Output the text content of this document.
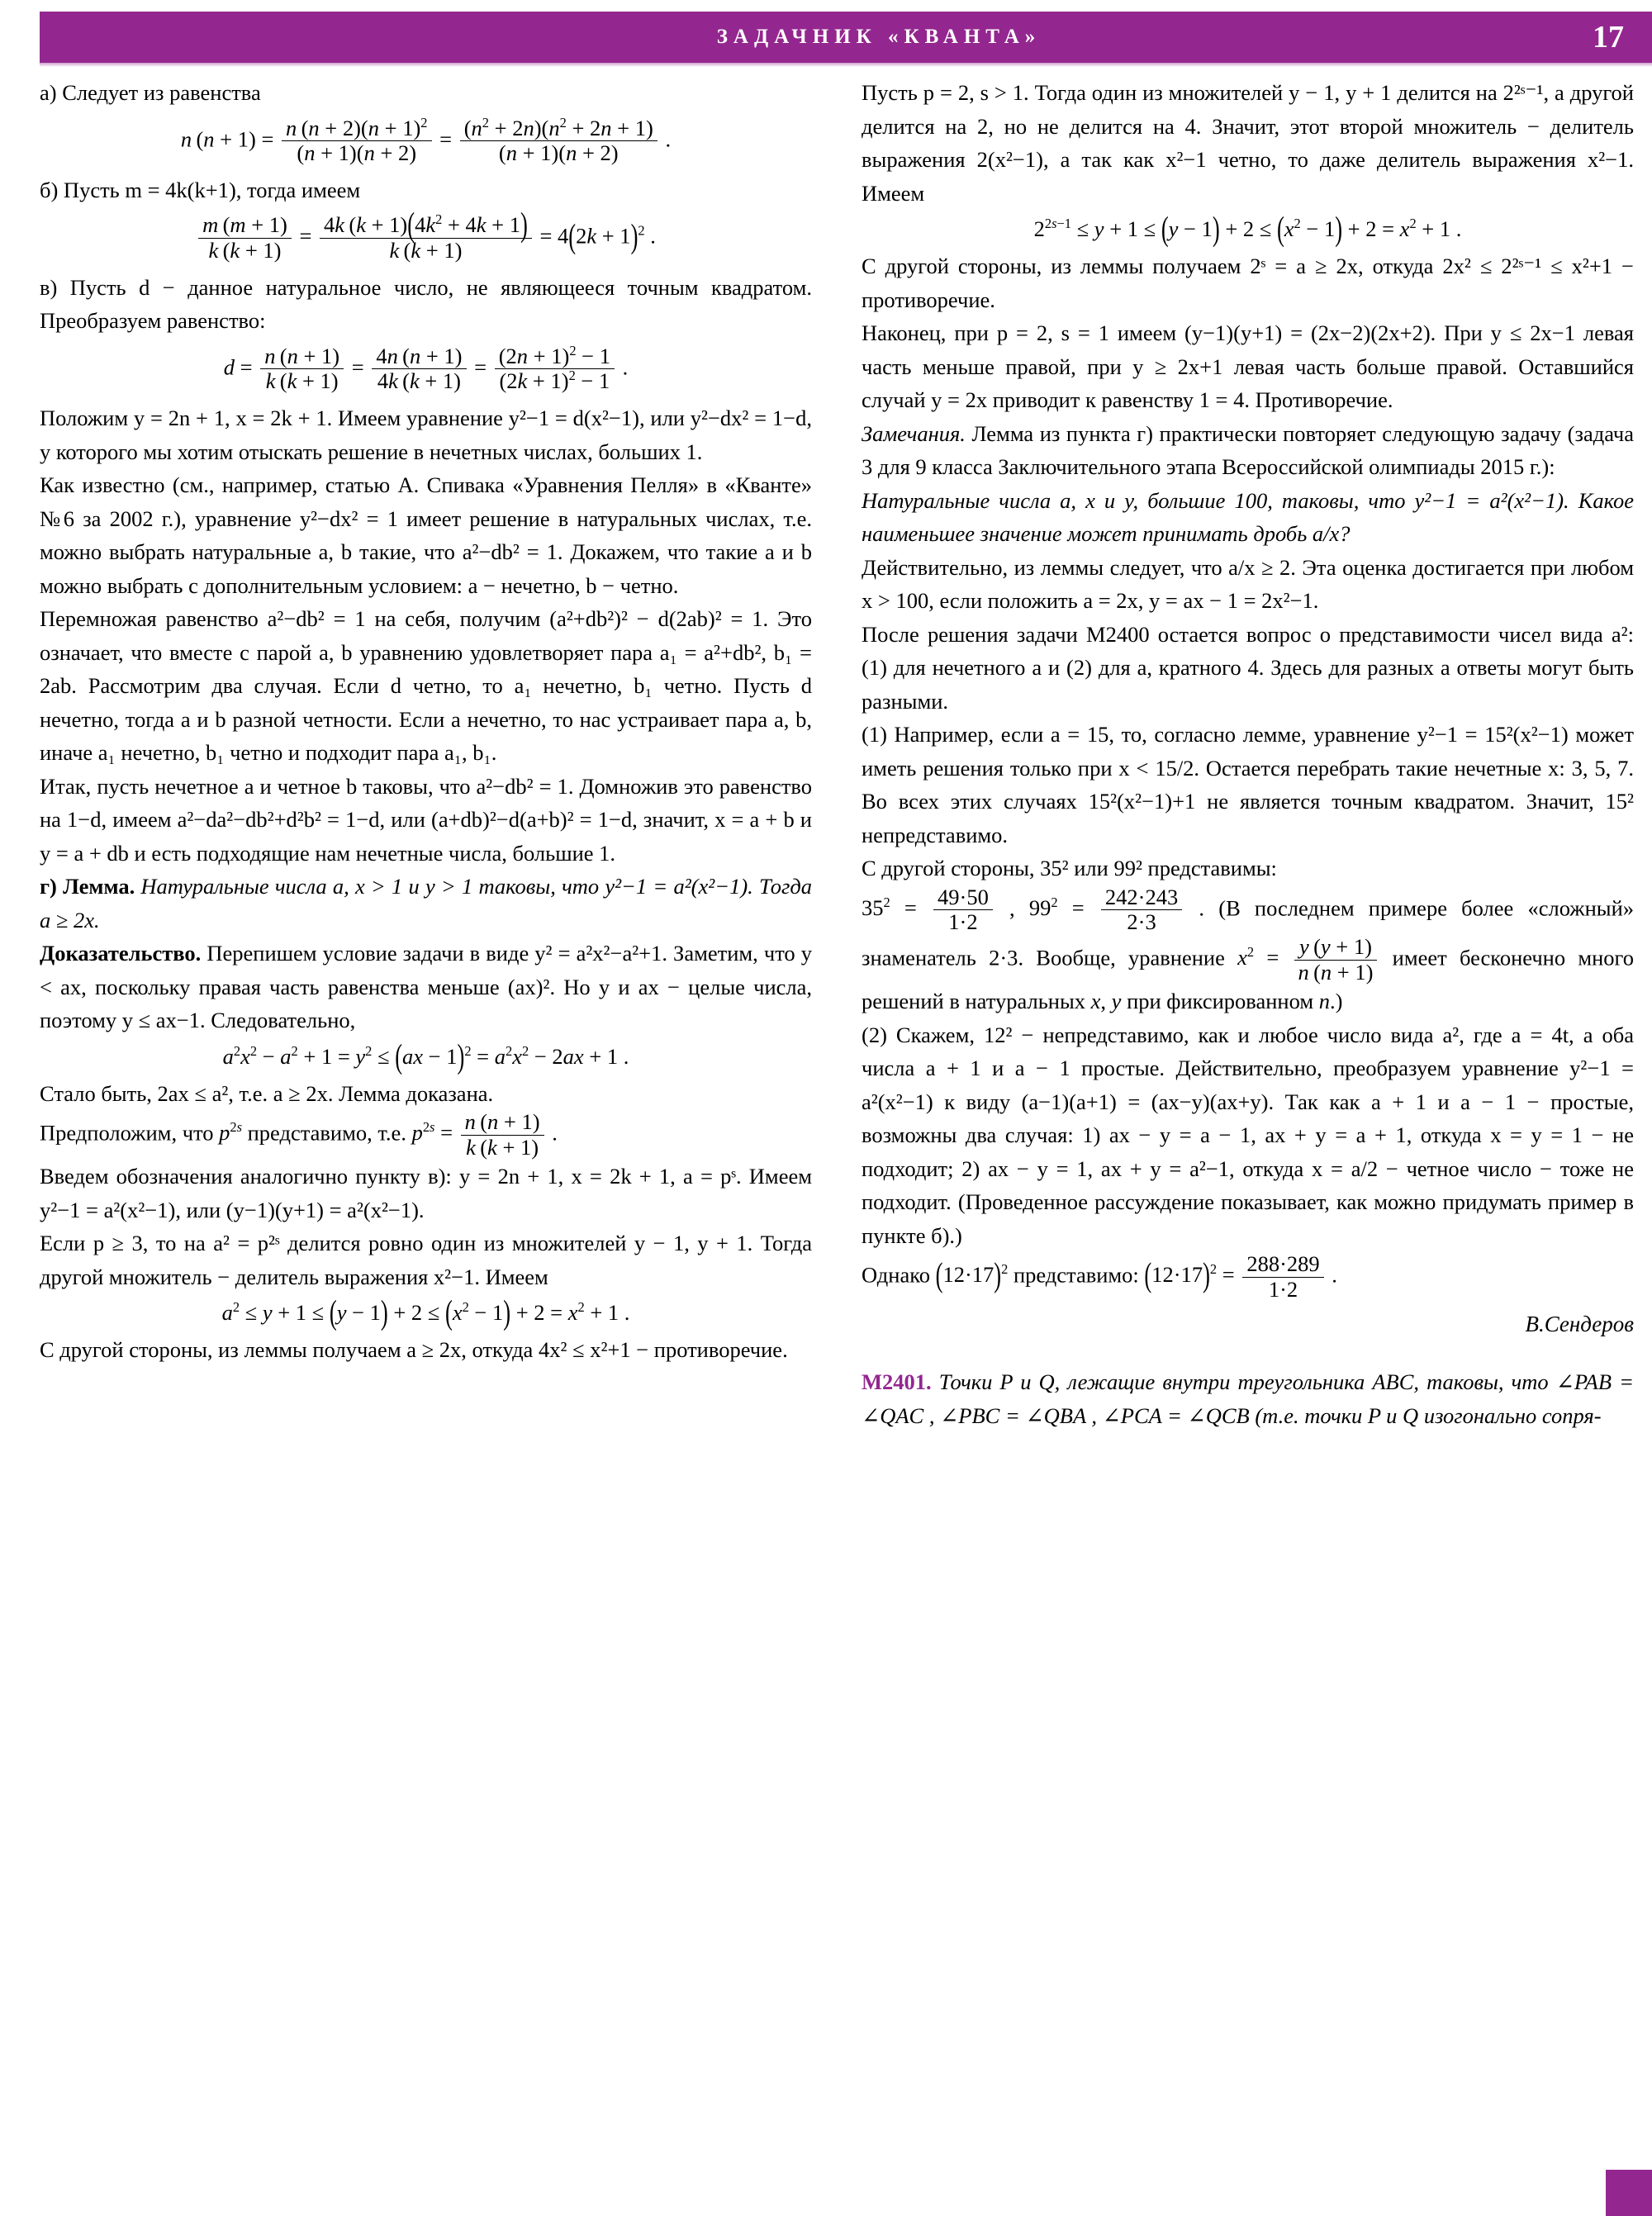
ЗАДАЧНИК «КВАНТА»	17

а) Следует из равенства

n $(n + 1) = \frac{n (n + 2)(n + 1)^2}{(n + 1)(n + 2)} = \frac{(n^2 + 2n)(n^2 + 2n + 1)}{(n + 1)(n + 2)}$ .

б) Пусть m = 4k(k+1), тогда имеем

$\frac{m (m + 1)}{k (k + 1)} = \frac{4k (k + 1)(4k^2 + 4k + 1)}{k (k + 1)} = 4(2k + 1)^2$ .

в) Пусть d − данное натуральное число, не являющееся точным квадратом. Преобразуем равенство:

$d = \frac{n (n + 1)}{k (k + 1)} = \frac{4n (n + 1)}{4k (k + 1)} = \frac{(2n + 1)^2 - 1}{(2k + 1)^2 - 1}$ .

Положим y = 2n + 1, x = 2k + 1. Имеем уравнение y²−1 = d(x²−1), или y²−dx² = 1−d, у которого мы хотим отыскать решение в нечетных числах, больших 1.

Как известно (см., например, статью А. Спивака «Уравнения Пелля» в «Кванте» №6 за 2002 г.), уравнение y²−dx² = 1 имеет решение в натуральных числах, т.е. можно выбрать натуральные a, b такие, что a²−db² = 1. Докажем, что такие a и b можно выбрать с дополнительным условием: a − нечетно, b − четно.

Перемножая равенство a²−db² = 1 на себя, получим (a²+db²)² − d(2ab)² = 1. Это означает, что вместе с парой a, b уравнению удовлетворяет пара a₁ = a²+db², b₁ = 2ab. Рассмотрим два случая. Если d четно, то a₁ нечетно, b₁ четно. Пусть d нечетно, тогда a и b разной четности. Если a нечетно, то нас устраивает пара a, b, иначе a₁ нечетно, b₁ четно и подходит пара a₁, b₁.

Итак, пусть нечетное a и четное b таковы, что a²−db² = 1. Домножив это равенство на 1−d, имеем a²−da²−db²+d²b² = 1−d, или (a+db)²−d(a+b)² = 1−d, значит, x = a + b и y = a + db и есть подходящие нам нечетные числа, большие 1.

г) Лемма. Натуральные числа a, x > 1 и y > 1 таковы, что y²−1 = a²(x²−1). Тогда a ≥ 2x.

Доказательство. Перепишем условие задачи в виде y² = a²x²−a²+1. Заметим, что y < ax, поскольку правая часть равенства меньше (ax)². Но y и ax − целые числа, поэтому y ≤ ax−1. Следовательно,

$a^2x^2 - a^2 + 1 = y^2 \le (ax - 1)^2 = a^2x^2 - 2ax + 1$ .

Стало быть, 2ax ≤ a², т.е. a ≥ 2x. Лемма доказана.

Предположим, что $p^{2s}$ представимо, т.е. $p^{2s} = \frac{n (n + 1)}{k (k + 1)}$ .

Введем обозначения аналогично пункту в): y = 2n + 1, x = 2k + 1, a = pˢ. Имеем y²−1 = a²(x²−1), или (y−1)(y+1) = a²(x²−1).

Если p ≥ 3, то на a² = p²ˢ делится ровно один из множителей y − 1, y + 1. Тогда другой множитель − делитель выражения x²−1. Имеем

$a^2 \le y + 1 \le (y - 1) + 2 \le (x^2 - 1) + 2 = x^2 + 1$ .

С другой стороны, из леммы получаем a ≥ 2x, откуда 4x² ≤ x²+1 − противоречие.

Пусть p = 2, s > 1. Тогда один из множителей y − 1, y + 1 делится на 2²ˢ⁻¹, а другой делится на 2, но не делится на 4. Значит, этот второй множитель − делитель выражения 2(x²−1), а так как x²−1 четно, то даже делитель выражения x²−1. Имеем

$2^{2s-1} \le y + 1 \le (y - 1) + 2 \le (x^2 - 1) + 2 = x^2 + 1$ .

С другой стороны, из леммы получаем 2ˢ = a ≥ 2x, откуда 2x² ≤ 2²ˢ⁻¹ ≤ x²+1 − противоречие.

Наконец, при p = 2, s = 1 имеем (y−1)(y+1) = (2x−2)(2x+2). При y ≤ 2x−1 левая часть меньше правой, при y ≥ 2x+1 левая часть больше правой. Оставшийся случай y = 2x приводит к равенству 1 = 4. Противоречие.

Замечания. Лемма из пункта г) практически повторяет следующую задачу (задача 3 для 9 класса Заключительного этапа Всероссийской олимпиады 2015 г.):

Натуральные числа a, x и y, большие 100, таковы, что y²−1 = a²(x²−1). Какое наименьшее значение может принимать дробь a/x?

Действительно, из леммы следует, что a/x ≥ 2. Эта оценка достигается при любом x > 100, если положить a = 2x, y = ax − 1 = 2x²−1.

После решения задачи М2400 остается вопрос о представимости чисел вида a²: (1) для нечетного a и (2) для a, кратного 4. Здесь для разных a ответы могут быть разными.

(1) Например, если a = 15, то, согласно лемме, уравнение y²−1 = 15²(x²−1) может иметь решения только при x < 15/2. Остается перебрать такие нечетные x: 3, 5, 7. Во всех этих случаях 15²(x²−1)+1 не является точным квадратом. Значит, 15² непредставимо.

С другой стороны, 35² или 99² представимы:

$35^2 = \frac{49\cdot 50}{1\cdot 2}$ , $99^2 = \frac{242\cdot 243}{2\cdot 3}$ . (В последнем примере более «сложный» знаменатель 2·3. Вообще, уравнение $x^2 = \frac{y (y + 1)}{n (n + 1)}$ имеет бесконечно много решений в натуральных x, y при фиксированном n.)

(2) Скажем, 12² − непредставимо, как и любое число вида a², где a = 4t, а оба числа a + 1 и a − 1 простые. Действительно, преобразуем уравнение y²−1 = a²(x²−1) к виду (a−1)(a+1) = (ax−y)(ax+y). Так как a + 1 и a − 1 − простые, возможны два случая: 1) ax − y = a − 1, ax + y = a + 1, откуда x = y = 1 − не подходит; 2) ax − y = 1, ax + y = a²−1, откуда x = a/2 − четное число − тоже не подходит. (Проведенное рассуждение показывает, как можно придумать пример в пункте б).)

Однако $(12\cdot 17)^2$ представимо: $(12\cdot 17)^2 = \frac{288\cdot 289}{1\cdot 2}$ .

В.Сендеров

М2401. Точки P и Q, лежащие внутри треугольника ABC, таковы, что ∠PAB = ∠QAC , ∠PBC = ∠QBA , ∠PCA = ∠QCB (т.е. точки P и Q изогонально сопря-
